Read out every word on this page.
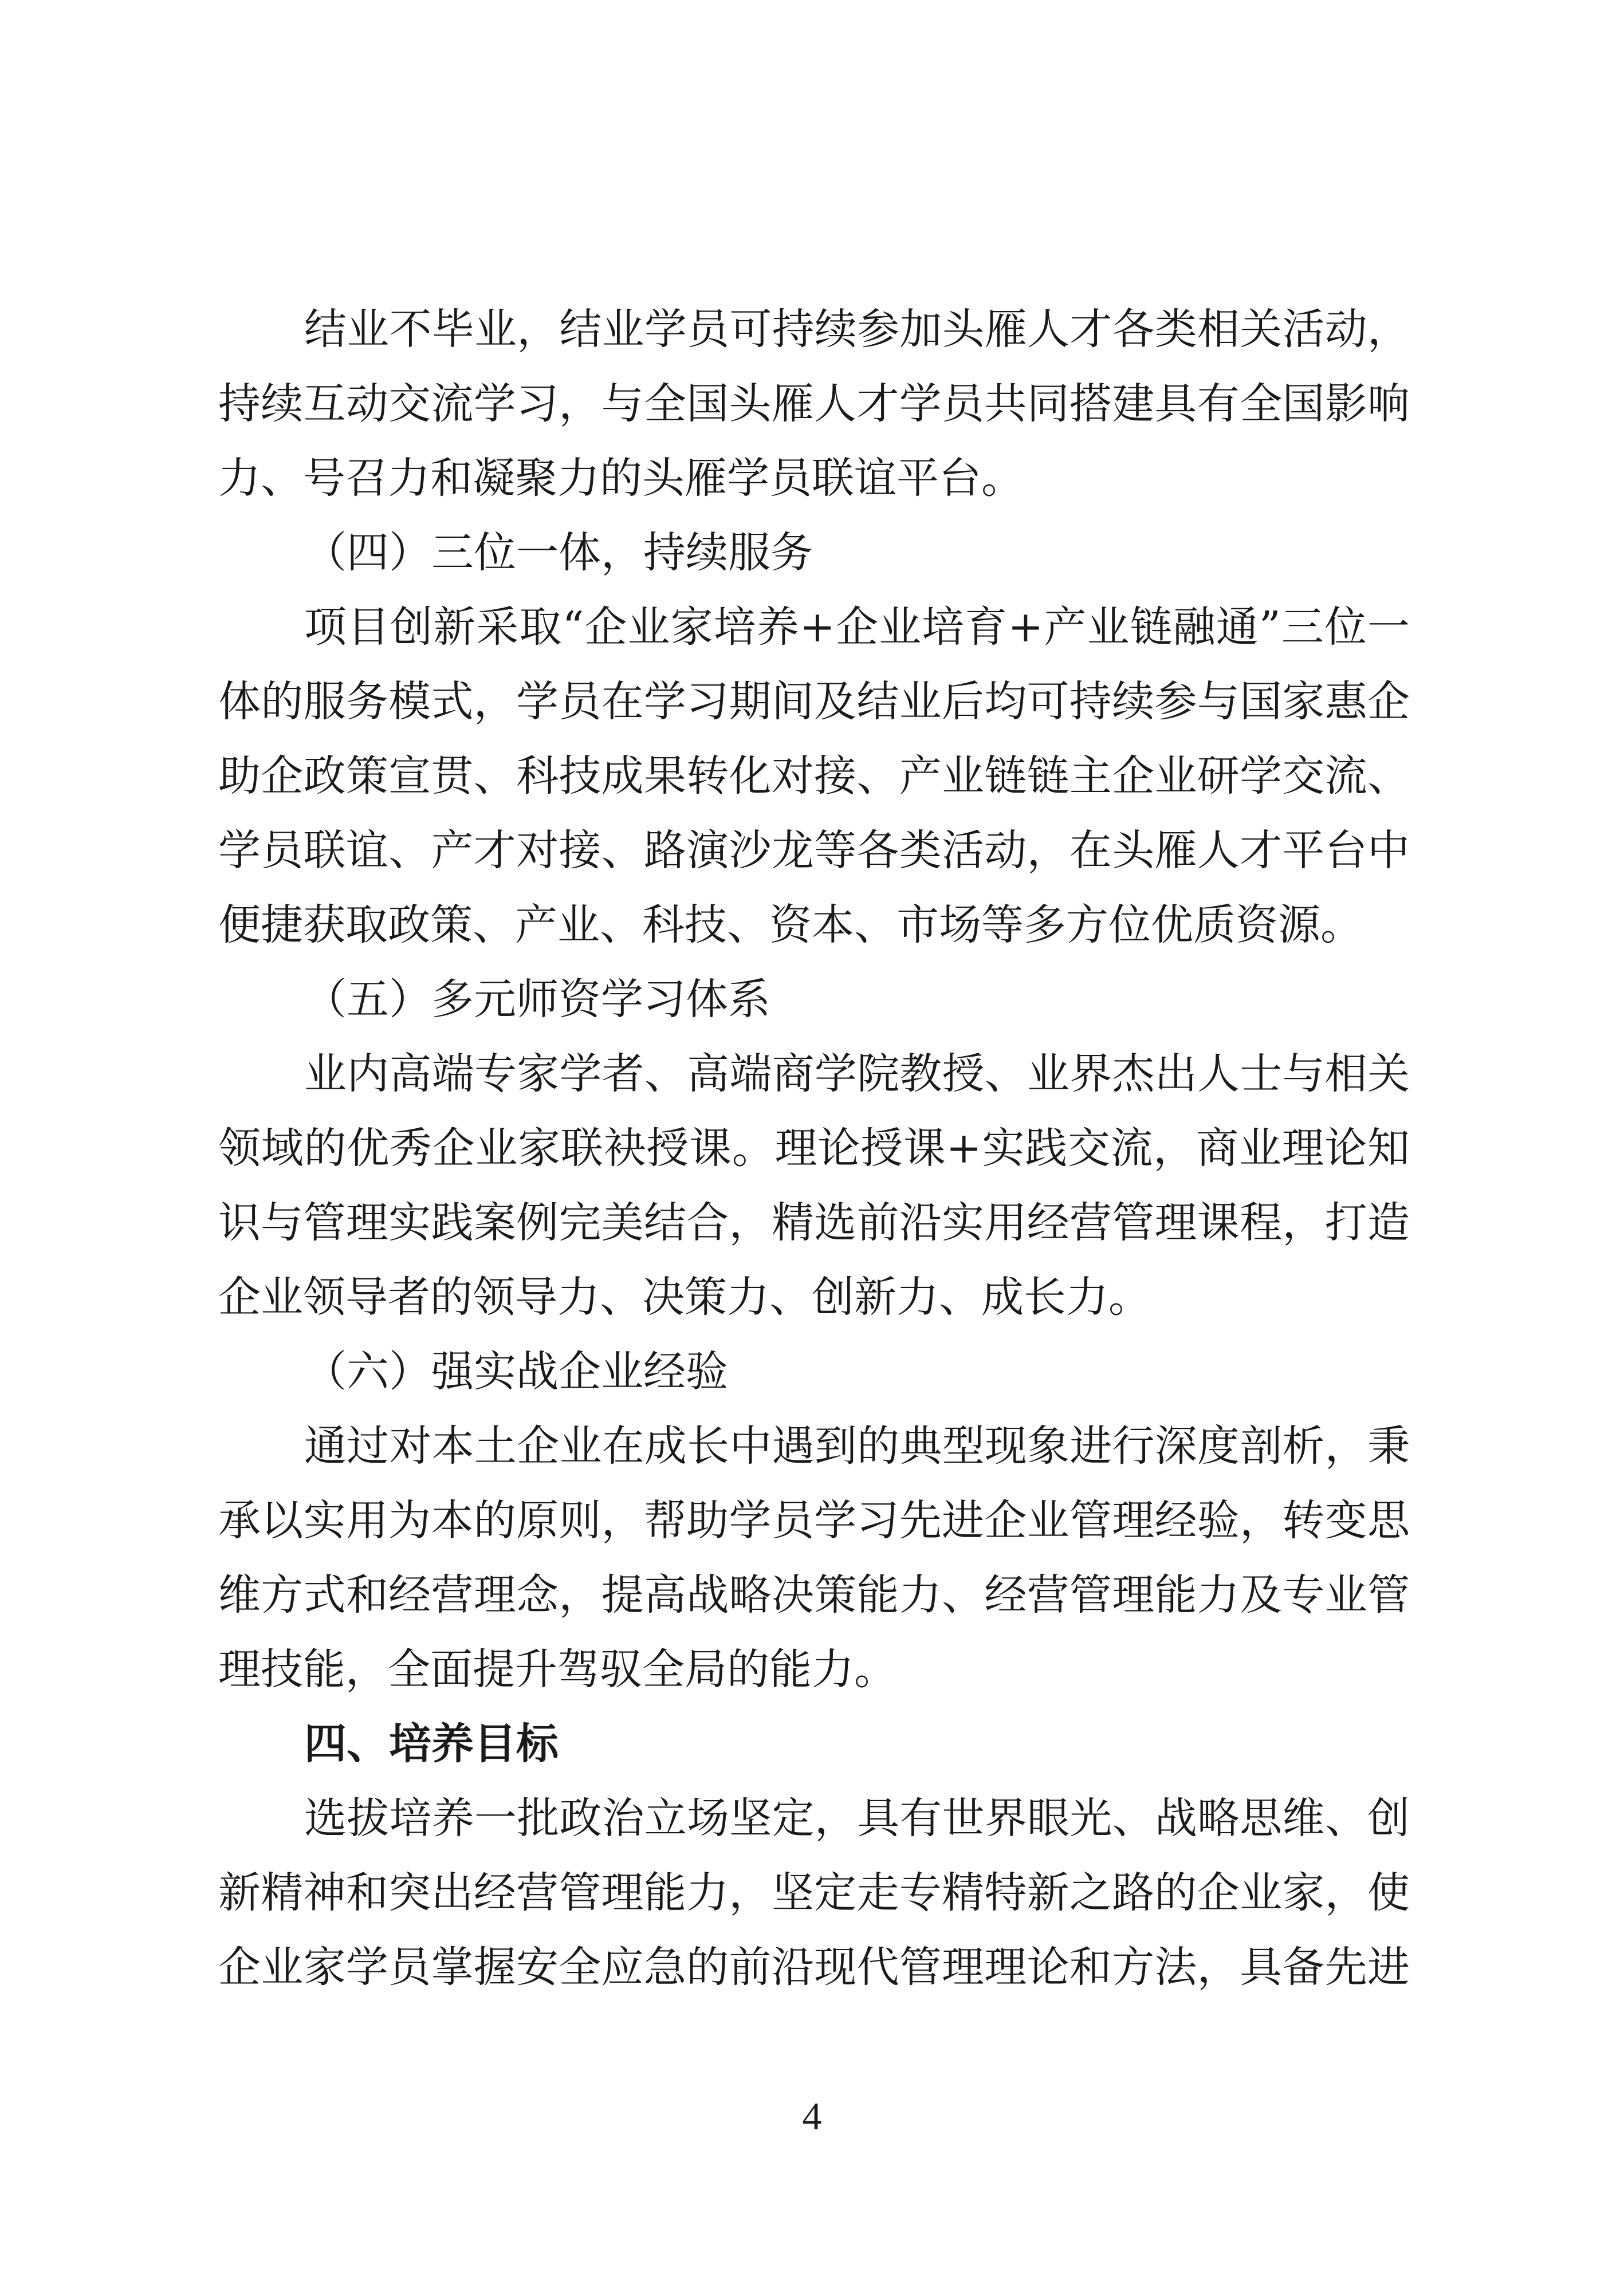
结业不毕业，结业学员可持续参加头雁人才各类相关活动，
持续互动交流学习，与全国头雁人才学员共同搭建具有全国影响
力、号召力和凝聚力的头雁学员联谊平台。
（四）三位一体，持续服务
项目创新采取“企业家培养+企业培育+产业链融通”三位一
体的服务模式，学员在学习期间及结业后均可持续参与国家惠企
助企政策宣贯、科技成果转化对接、产业链链主企业研学交流、
学员联谊、产才对接、路演沙龙等各类活动，在头雁人才平台中
便捷获取政策、产业、科技、资本、市场等多方位优质资源。
（五）多元师资学习体系
业内高端专家学者、高端商学院教授、业界杰出人士与相关
领域的优秀企业家联袂授课。理论授课+实践交流，商业理论知
识与管理实践案例完美结合，精选前沿实用经营管理课程，打造
企业领导者的领导力、决策力、创新力、成长力。
（六）强实战企业经验
通过对本土企业在成长中遇到的典型现象进行深度剖析，秉
承以实用为本的原则，帮助学员学习先进企业管理经验，转变思
维方式和经营理念，提高战略决策能力、经营管理能力及专业管
理技能，全面提升驾驭全局的能力。
四、培养目标
选拔培养一批政治立场坚定，具有世界眼光、战略思维、创
新精神和突出经营管理能力，坚定走专精特新之路的企业家，使
企业家学员掌握安全应急的前沿现代管理理论和方法，具备先进
4
